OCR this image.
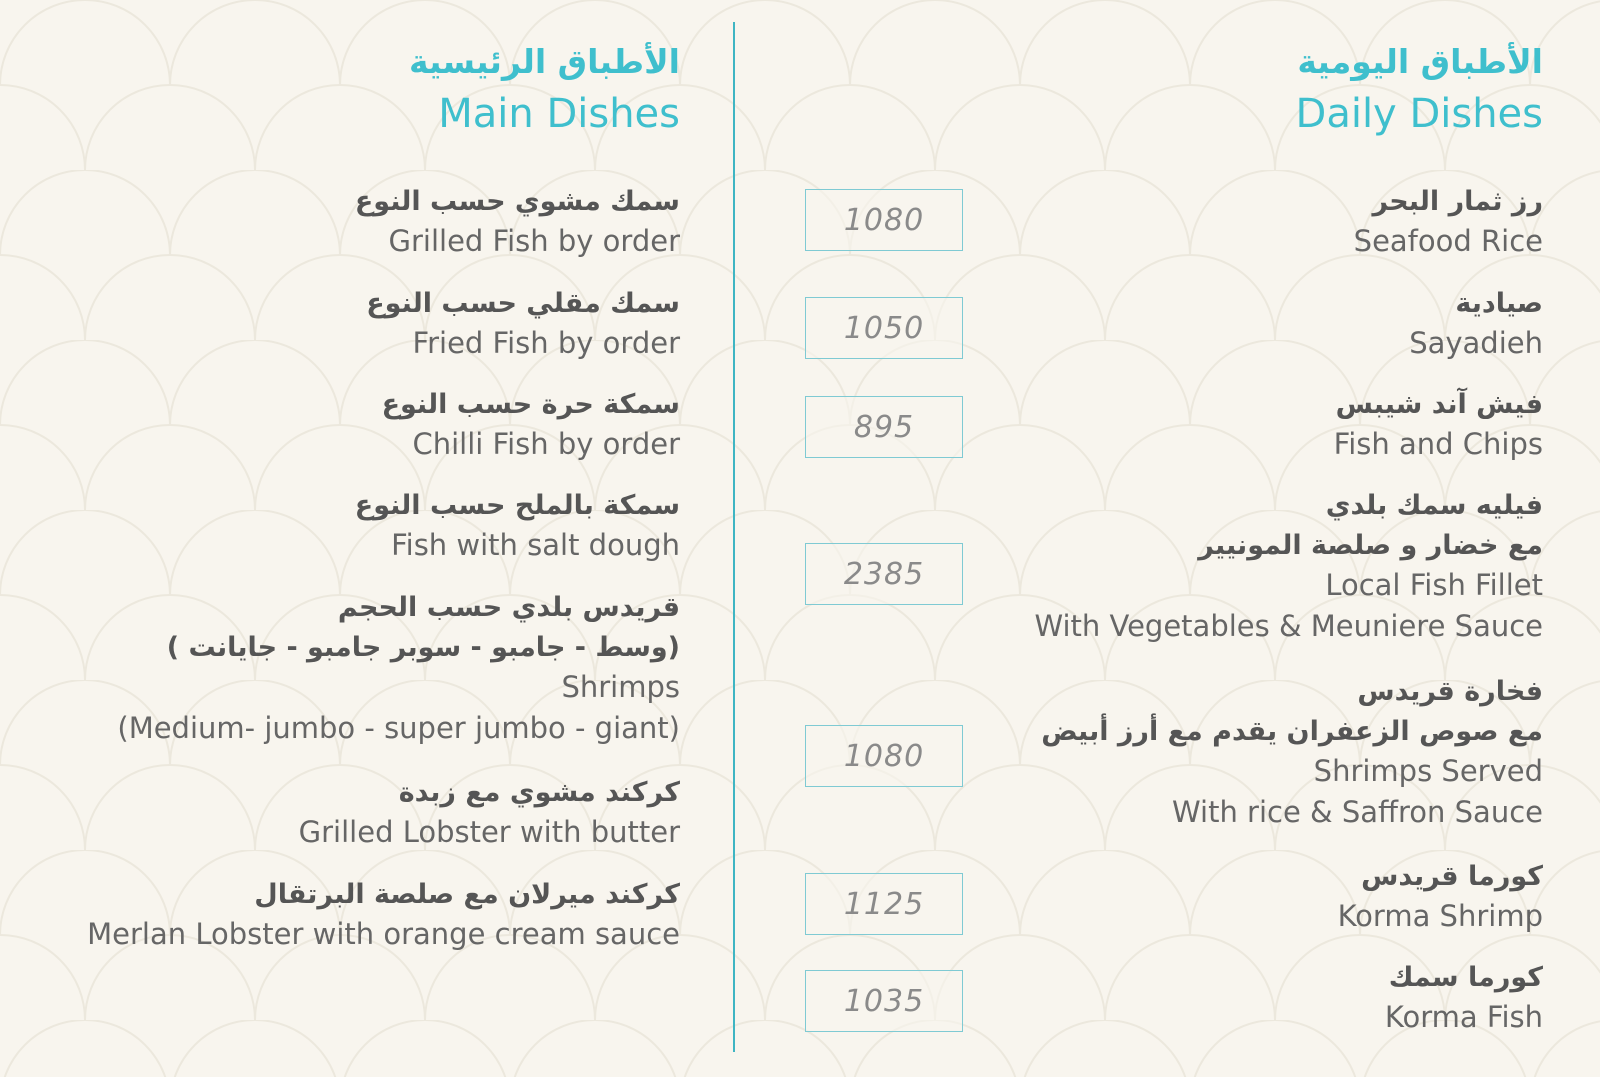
الأطباق الرئيسية
Main Dishes
الأطباق اليومية
Daily Dishes
سمك مشوي حسب النوع
Grilled Fish by order
سمك مقلي حسب النوع
Fried Fish by order
سمكة حرة حسب النوع
Chilli Fish by order
سمكة بالملح حسب النوع
Fish with salt dough
قريدس بلدي حسب الحجم
(وسط - جامبو - سوبر جامبو - جايانت )
Shrimps
(Medium- jumbo - super jumbo - giant)
كركند مشوي مع زبدة
Grilled Lobster with butter
كركند ميرلان مع صلصة البرتقال
Merlan Lobster with orange cream sauce
1080
1050
895
2385
1080
1125
1035
رز ثمار البحر
Seafood Rice
صيادية
Sayadieh
فيش آند شيبس
Fish and Chips
فيليه سمك بلدي
مع خضار و صلصة المونيير
Local Fish Fillet
With Vegetables & Meuniere Sauce
فخارة قريدس
مع صوص الزعفران يقدم مع أرز أبيض
Shrimps Served
With rice & Saffron Sauce
كورما قريدس
Korma Shrimp
كورما سمك
Korma Fish
